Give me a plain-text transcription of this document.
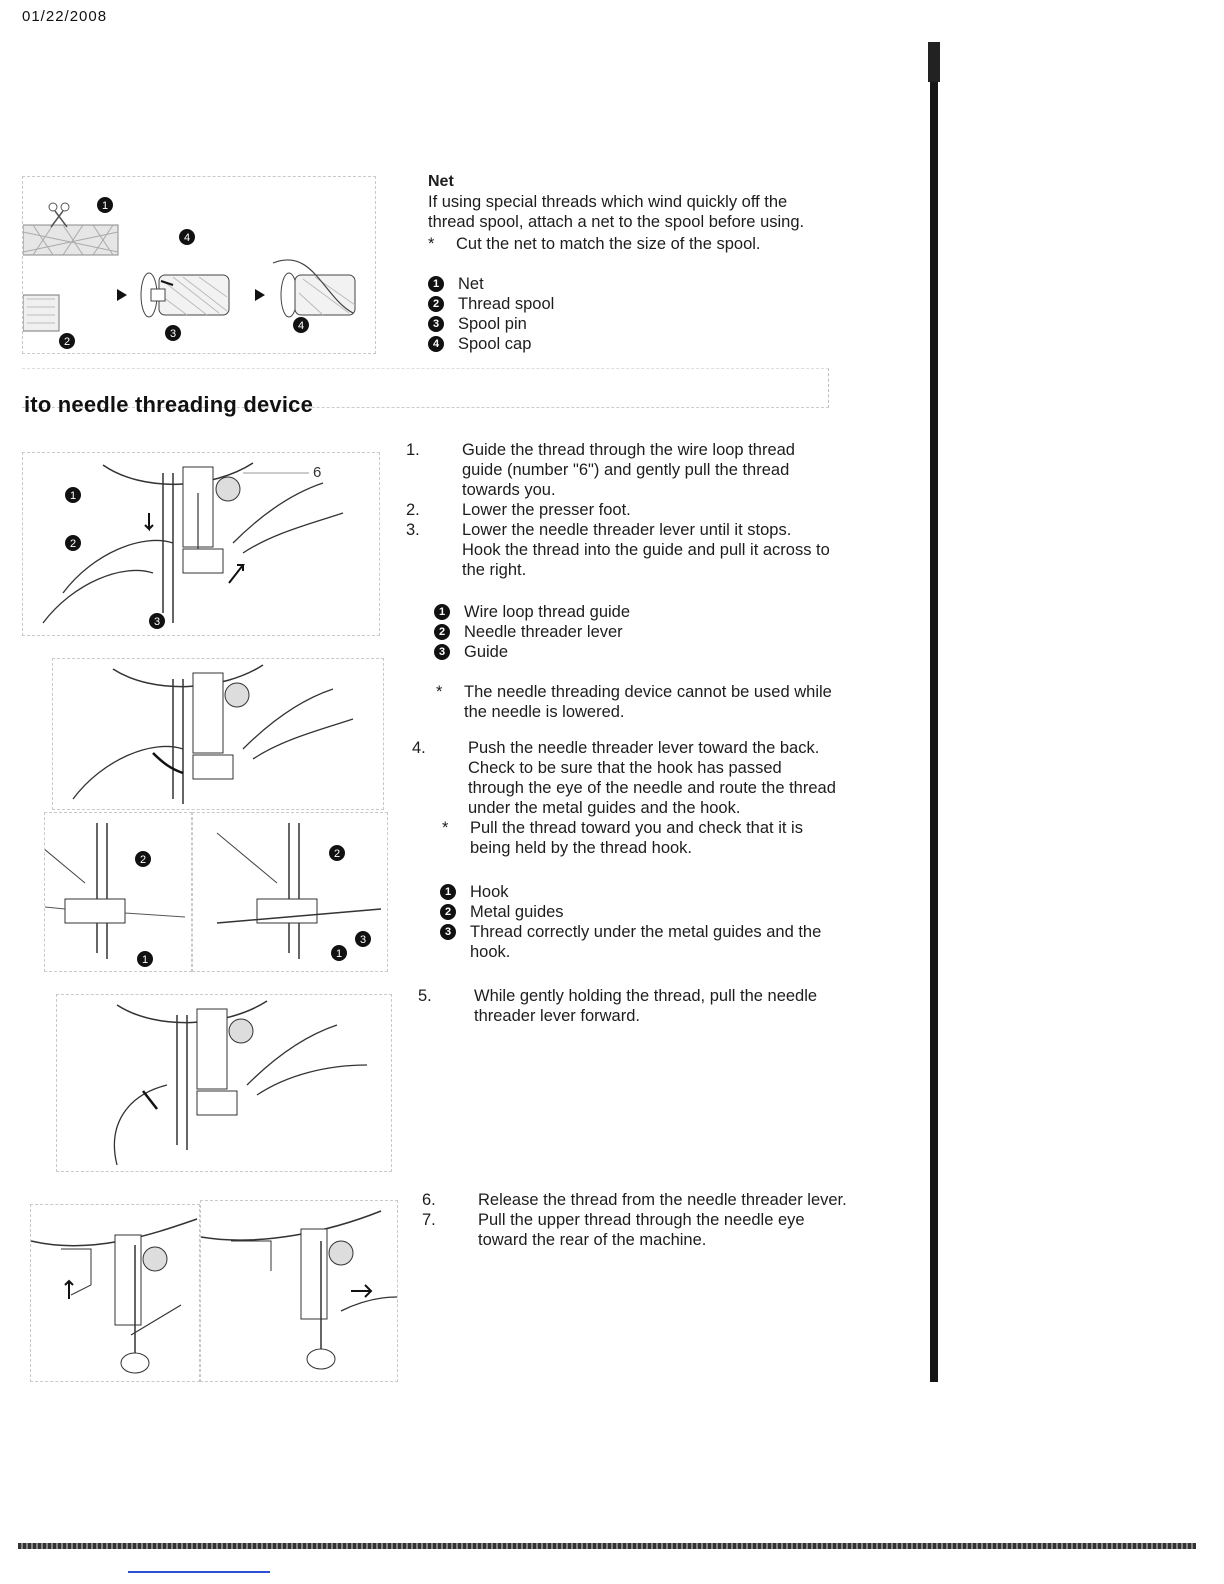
01/22/2008
1
2
3
4
4
Net
If using special threads which wind quickly off the thread spool, attach a net to the spool before using.
* Cut the net to match the size of the spool.
1 Net
2 Thread spool
3 Spool pin
4 Spool cap
ito needle threading device
6
1
2
3
1.	Guide the thread through the wire loop thread guide (number "6") and gently pull the thread towards you.
2.	Lower the presser foot.
3.	Lower the needle threader lever until it stops. Hook the thread into the guide and pull it across to the right.
1 Wire loop thread guide
2 Needle threader lever
3 Guide
* The needle threading device cannot be used while the needle is lowered.
2
1
2
3
1
4.	Push the needle threader lever toward the back. Check to be sure that the hook has passed through the eye of the needle and route the thread under the metal guides and the hook.
* Pull the thread toward you and check that it is being held by the thread hook.
1 Hook
2 Metal guides
3 Thread correctly under the metal guides and the hook.
5.	While gently holding the thread, pull the needle threader lever forward.
6.	Release the thread from the needle threader lever.
7.	Pull the upper thread through the needle eye toward the rear of the machine.
